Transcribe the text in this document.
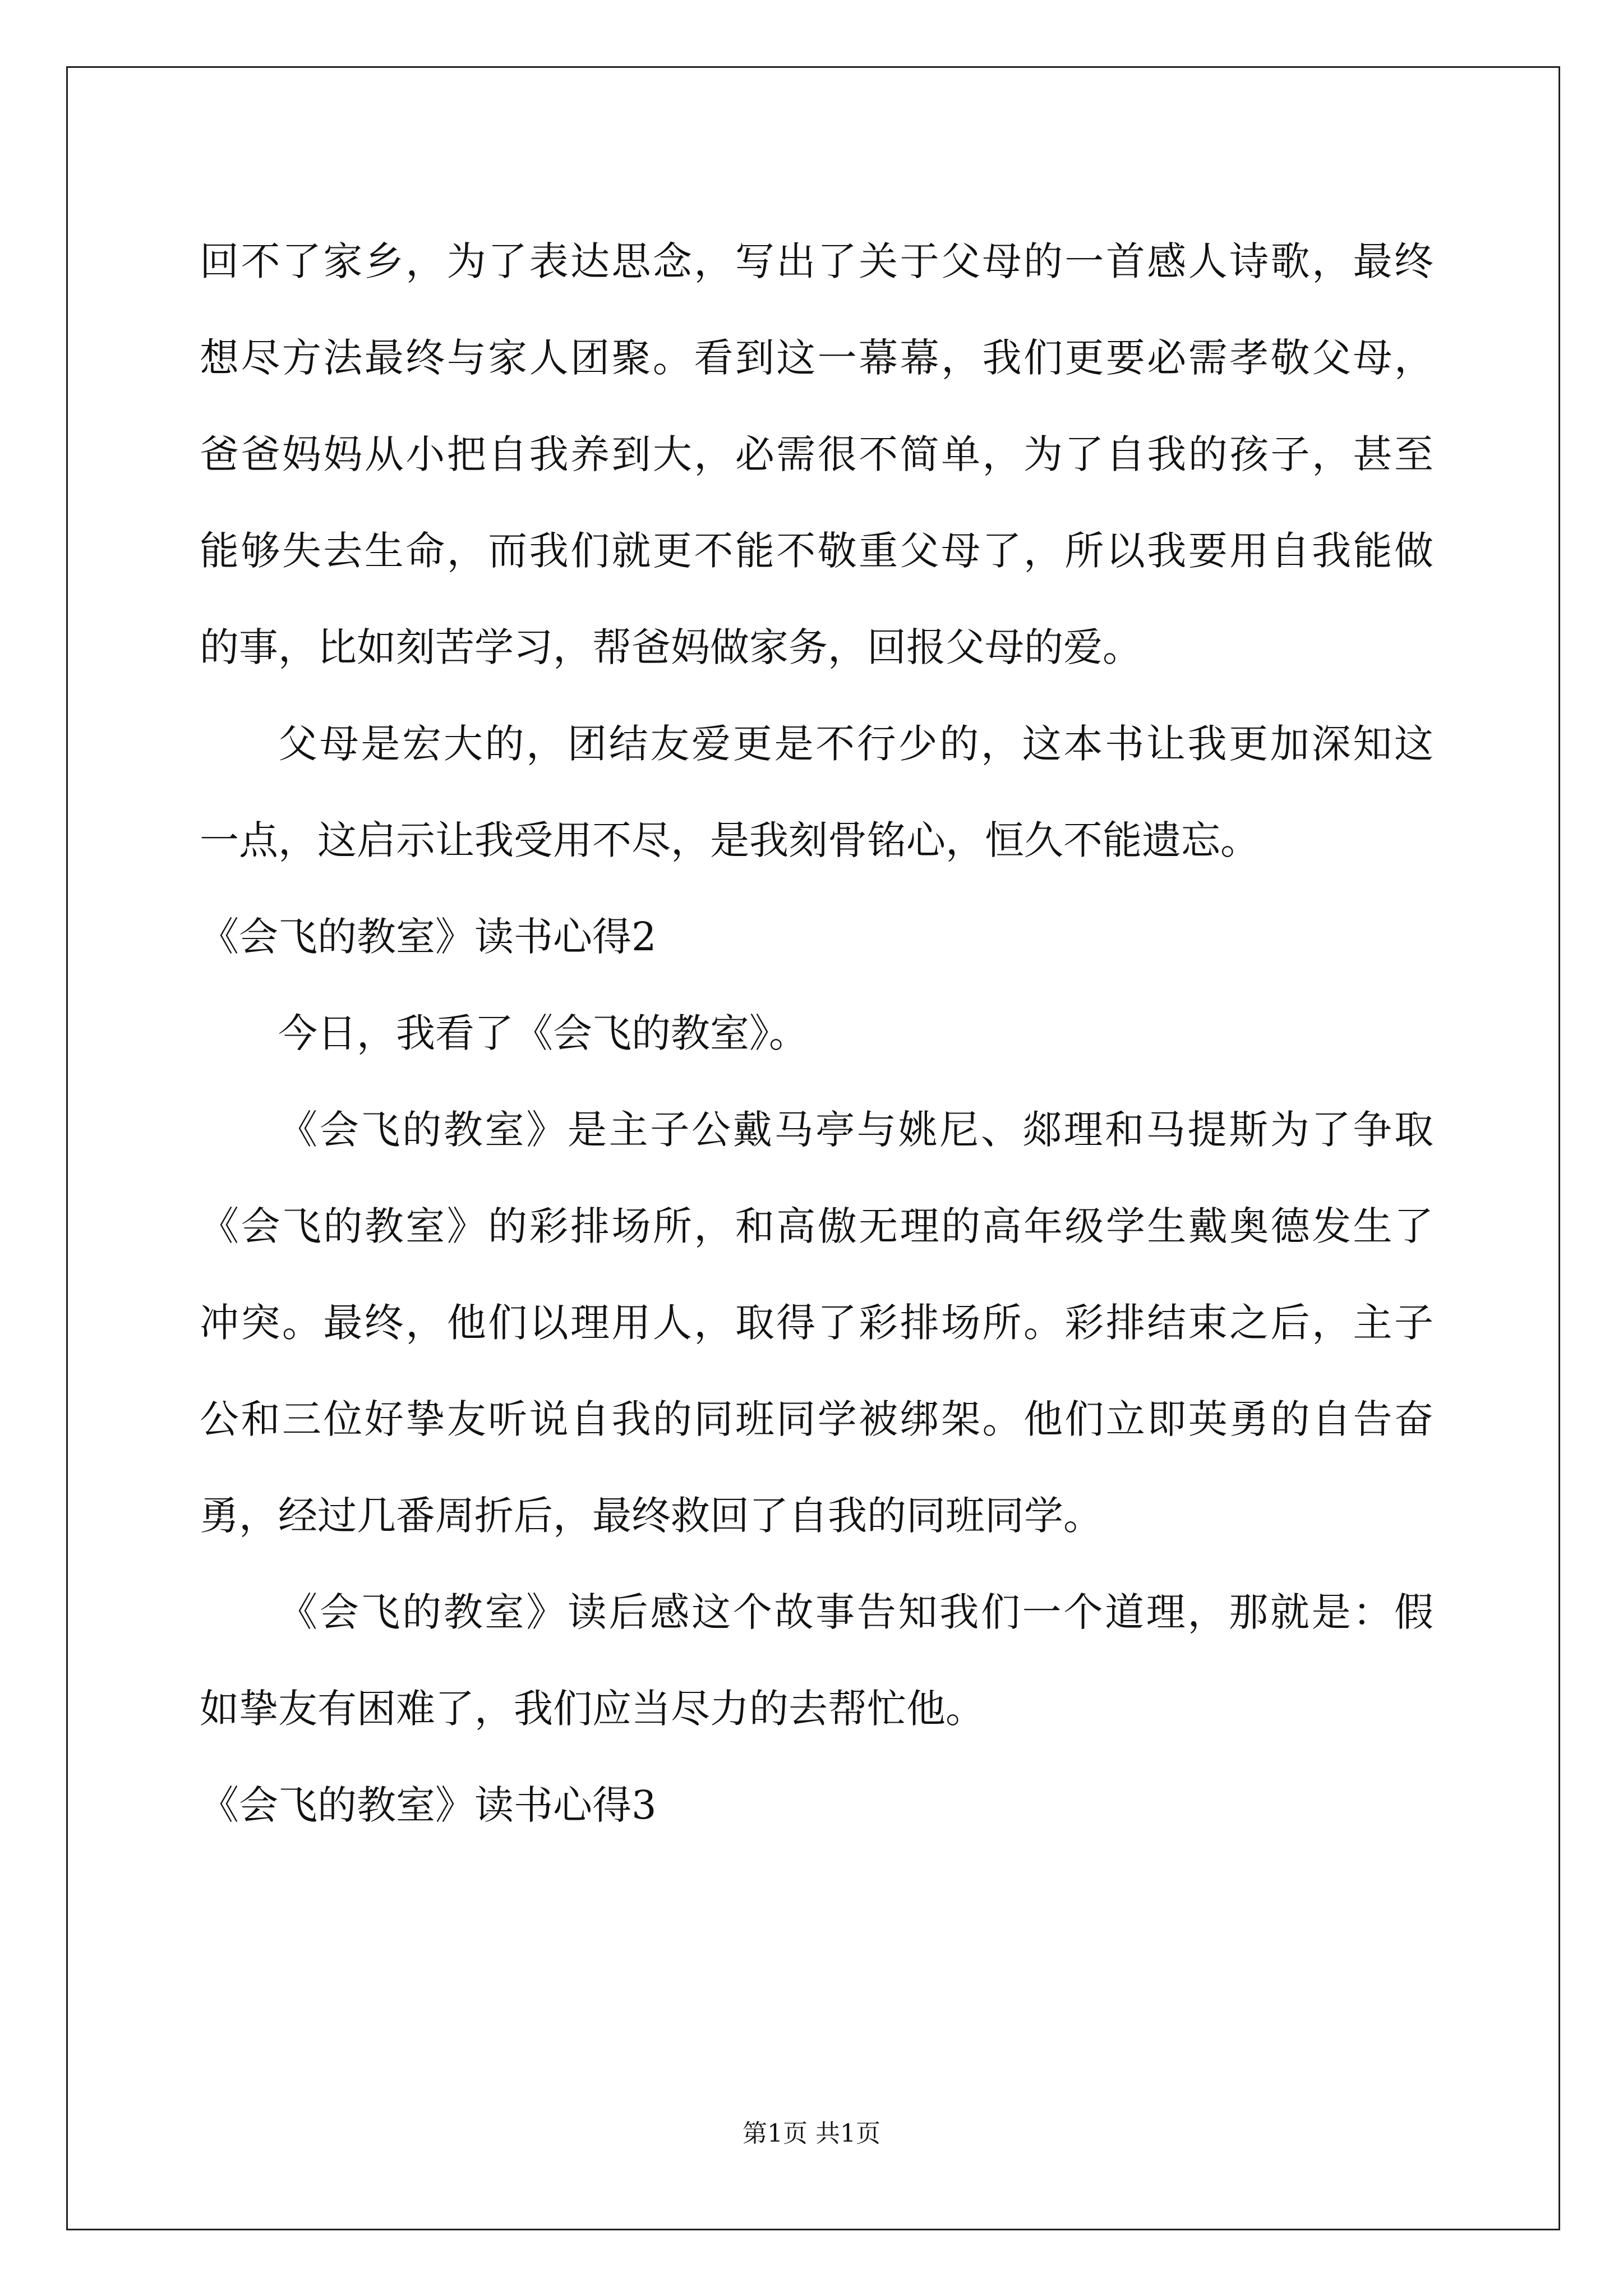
回不了家乡，为了表达思念，写出了关于父母的一首感人诗歌，最终
想尽方法最终与家人团聚。看到这一幕幕，我们更要必需孝敬父母，
爸爸妈妈从小把自我养到大，必需很不简单，为了自我的孩子，甚至
能够失去生命，而我们就更不能不敬重父母了，所以我要用自我能做
的事，比如刻苦学习，帮爸妈做家务，回报父母的爱。
父母是宏大的，团结友爱更是不行少的，这本书让我更加深知这
一点，这启示让我受用不尽，是我刻骨铭心，恒久不能遗忘。
《会飞的教室》读书心得2
今日，我看了《会飞的教室》。
《会飞的教室》是主子公戴马亭与姚尼、郯理和马提斯为了争取
《会飞的教室》的彩排场所，和高傲无理的高年级学生戴奥德发生了
冲突。最终，他们以理用人，取得了彩排场所。彩排结束之后，主子
公和三位好挚友听说自我的同班同学被绑架。他们立即英勇的自告奋
勇，经过几番周折后，最终救回了自我的同班同学。
《会飞的教室》读后感这个故事告知我们一个道理，那就是：假
如挚友有困难了，我们应当尽力的去帮忙他。
《会飞的教室》读书心得3
第1页 共1页
